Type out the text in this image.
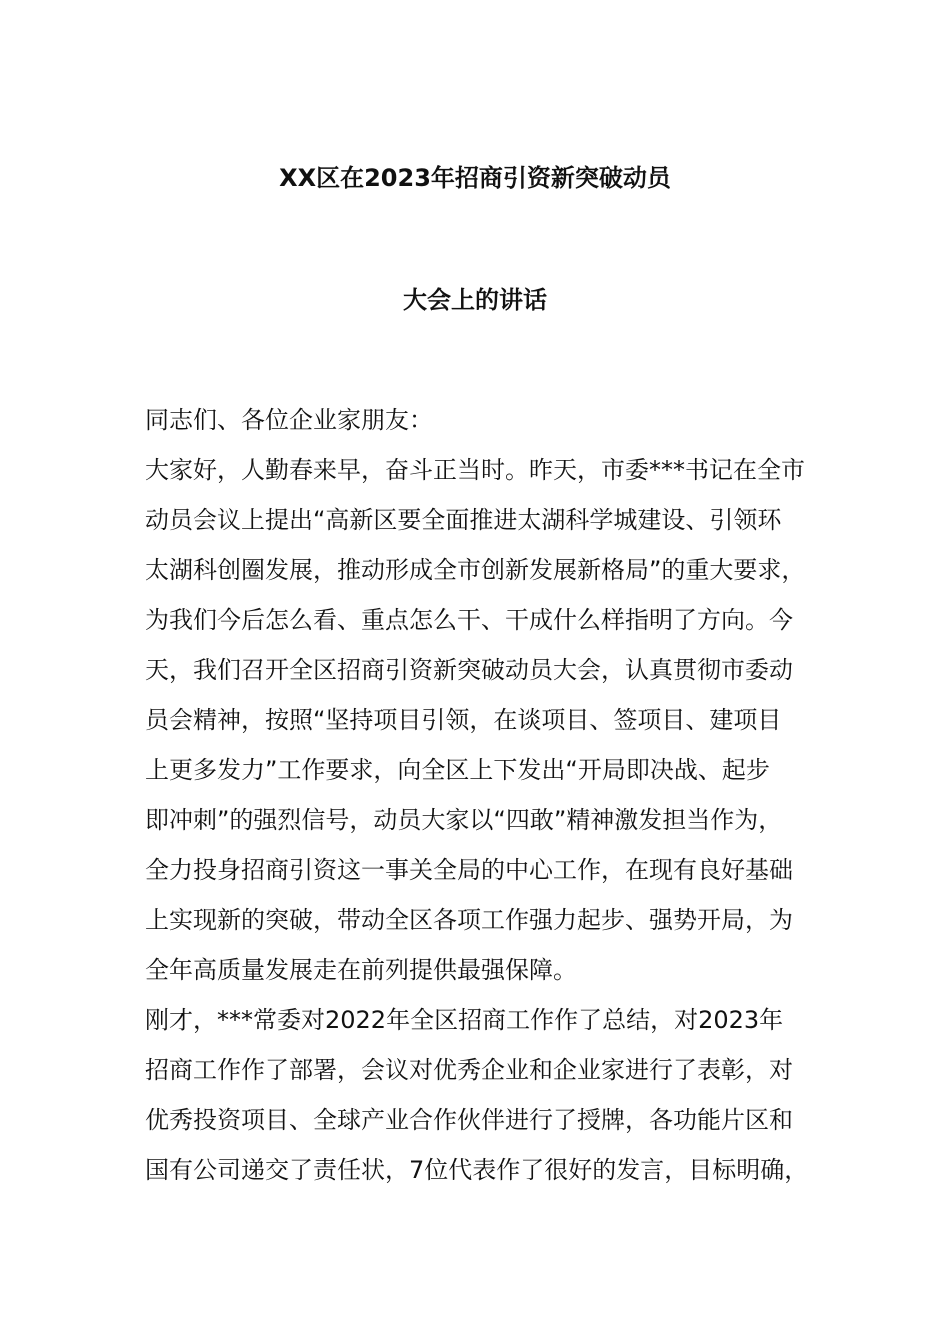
XX区在2023年招商引资新突破动员
大会上的讲话
同志们、各位企业家朋友：
大家好，人勤春来早，奋斗正当时。昨天，市委***书记在全市
动员会议上提出“高新区要全面推进太湖科学城建设、引领环
太湖科创圈发展，推动形成全市创新发展新格局”的重大要求，
为我们今后怎么看、重点怎么干、干成什么样指明了方向。今
天，我们召开全区招商引资新突破动员大会，认真贯彻市委动
员会精神，按照“坚持项目引领，在谈项目、签项目、建项目
上更多发力”工作要求，向全区上下发出“开局即决战、起步
即冲刺”的强烈信号，动员大家以“四敢”精神激发担当作为，
全力投身招商引资这一事关全局的中心工作，在现有良好基础
上实现新的突破，带动全区各项工作强力起步、强势开局，为
全年高质量发展走在前列提供最强保障。
刚才，***常委对2022年全区招商工作作了总结，对2023年
招商工作作了部署，会议对优秀企业和企业家进行了表彰，对
优秀投资项目、全球产业合作伙伴进行了授牌，各功能片区和
国有公司递交了责任状，7位代表作了很好的发言，目标明确，
